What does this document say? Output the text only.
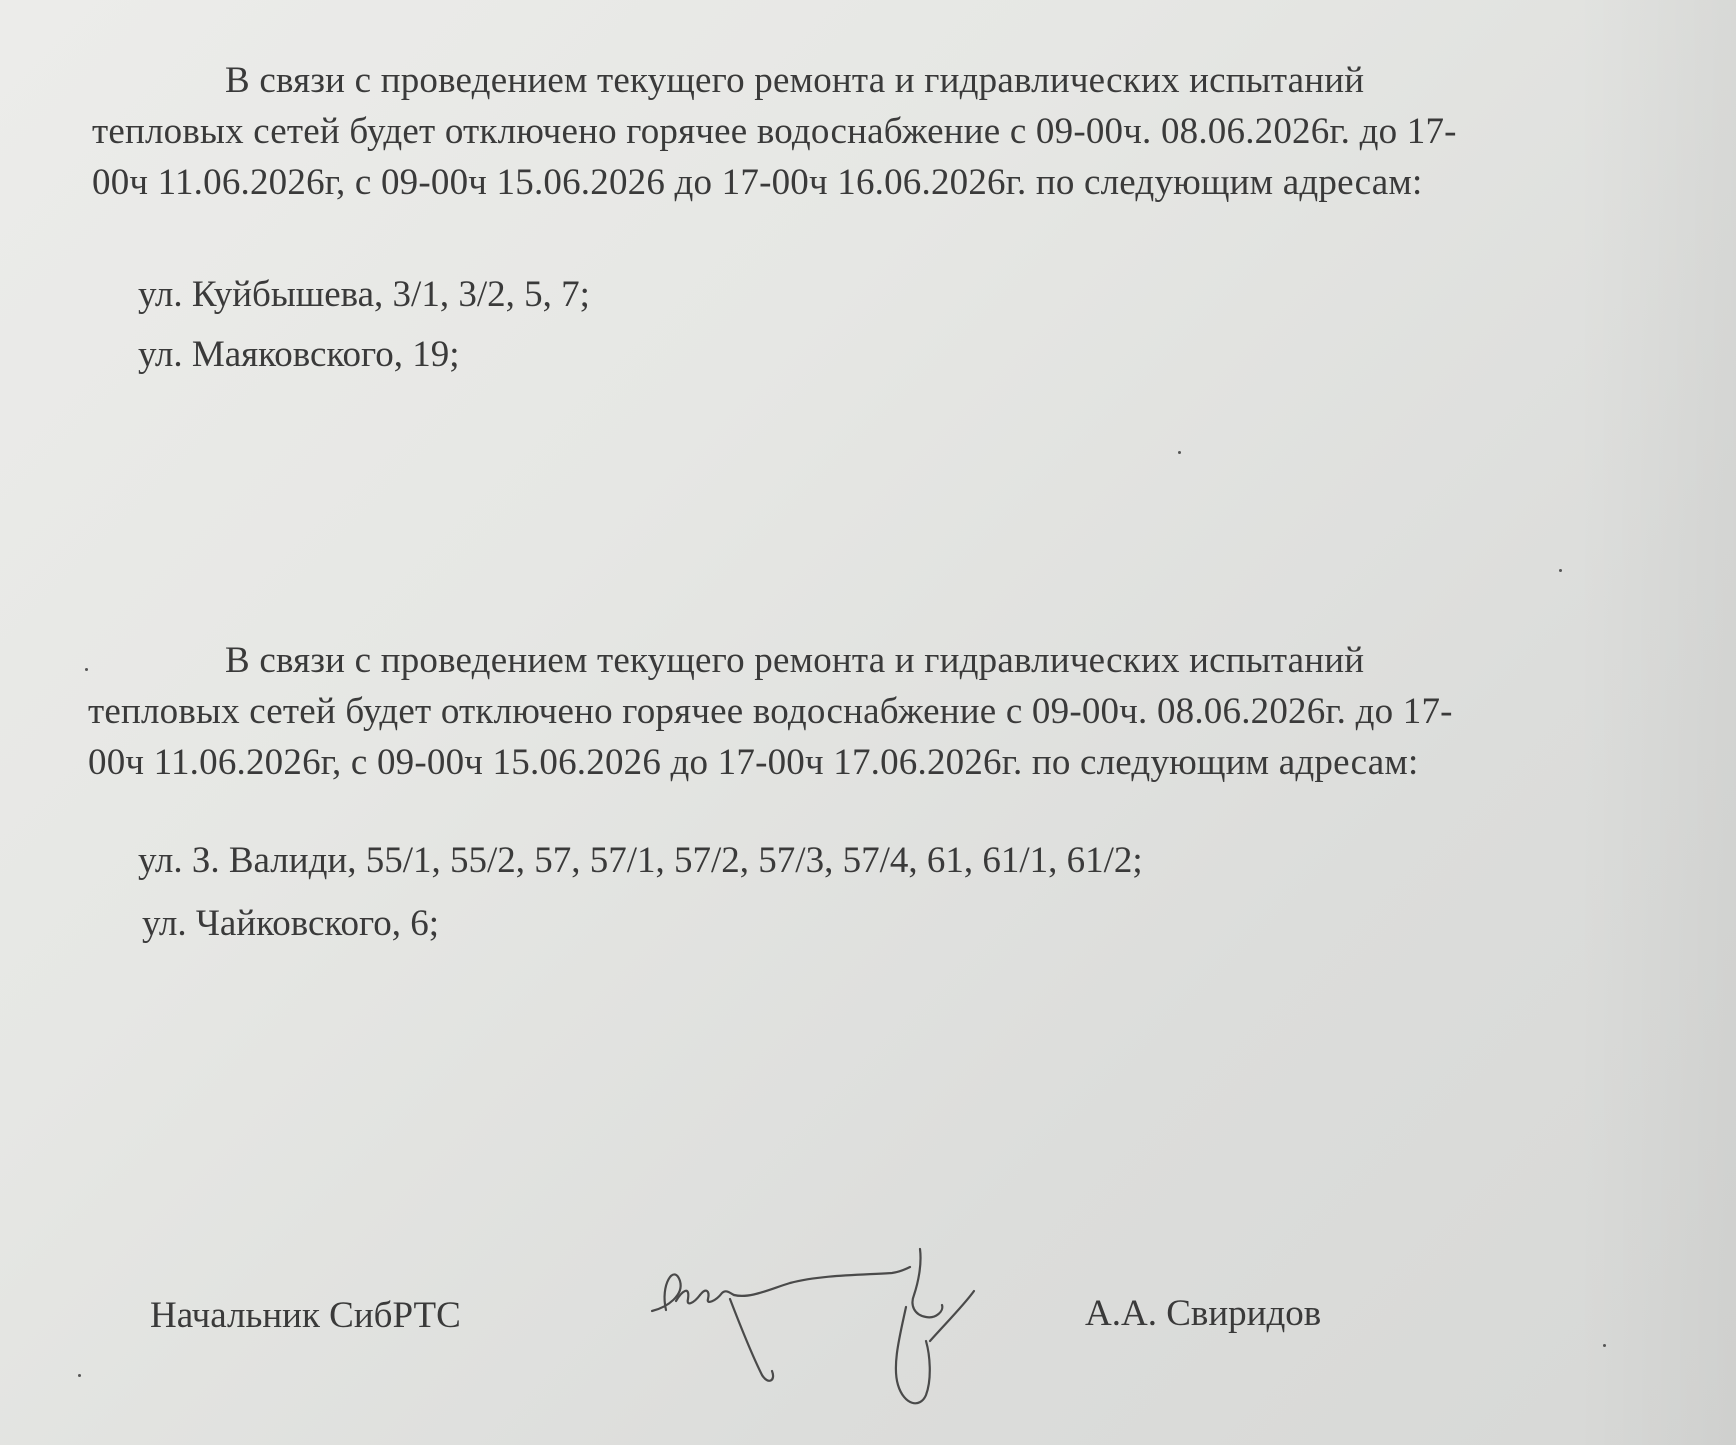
В связи с проведением текущего ремонта и гидравлических испытаний
тепловых сетей будет отключено горячее водоснабжение с 09-00ч. 08.06.2026г. до 17-
00ч 11.06.2026г, с 09-00ч 15.06.2026 до 17-00ч 16.06.2026г. по следующим адресам:
ул. Куйбышева, 3/1, 3/2, 5, 7;
ул. Маяковского, 19;
В связи с проведением текущего ремонта и гидравлических испытаний
тепловых сетей будет отключено горячее водоснабжение с 09-00ч. 08.06.2026г. до 17-
00ч 11.06.2026г, с 09-00ч 15.06.2026 до 17-00ч 17.06.2026г. по следующим адресам:
ул. З. Валиди, 55/1, 55/2, 57, 57/1, 57/2, 57/3, 57/4, 61, 61/1, 61/2;
ул. Чайковского, 6;
Начальник СибРТС	А.А. Свиридов
